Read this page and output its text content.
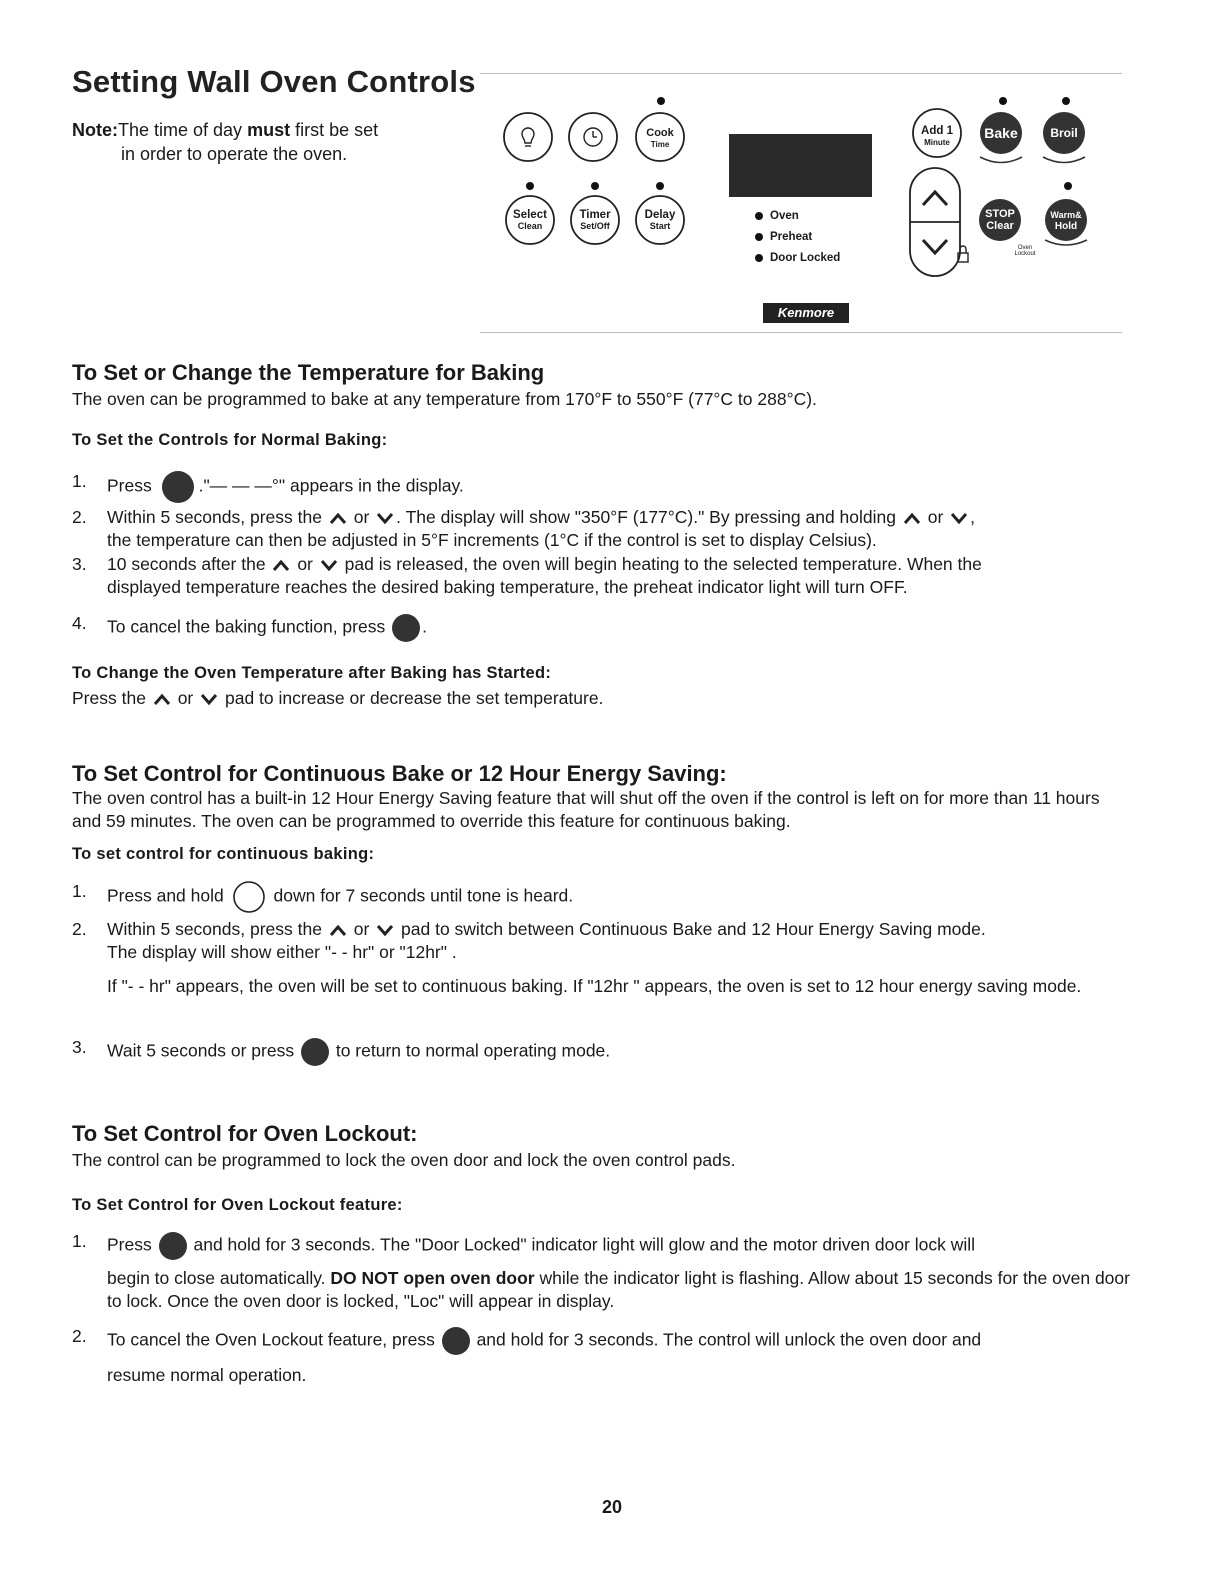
Setting Wall Oven Controls
Note:The time of day must first be set
in order to operate the oven.
Cook
Time
Select
Clean
Timer
Set/Off
Delay
Start
Add 1
Minute
Bake	Broil
STOP
Clear
Warm&
Hold
Oven
Lockout
Oven
Preheat
Door Locked
Kenmore
To Set or Change the Temperature for Baking
The oven can be programmed to bake at any temperature from 170°F to 550°F (77°C to 288°C).
To Set the Controls for Normal Baking:
1.	Press	."— — —°" appears in the display.
2.	Within 5 seconds, press the or . The display will show "350°F (177°C)." By pressing and holding or ,
the temperature can then be adjusted in 5°F increments (1°C if the control is set to display Celsius).
3.	10 seconds after the or pad is released, the oven will begin heating to the selected temperature. When the
displayed temperature reaches the desired baking temperature, the preheat indicator light will turn OFF.
4.	To cancel the baking function, press .
To Change the Oven Temperature after Baking has Started:
Press the or pad to increase or decrease the set temperature.
To Set Control for Continuous Bake or 12 Hour Energy Saving:
The oven control has a built-in 12 Hour Energy Saving feature that will shut off the oven if the control is left on for more than 11 hours and 59 minutes. The oven can be programmed to override this feature for continuous baking.
To set control for continuous baking:
1.	Press and hold	down for 7 seconds until tone is heard.
2.	Within 5 seconds, press the or pad to switch between Continuous Bake and 12 Hour Energy Saving mode.
The display will show either "- - hr" or "12hr" .
If "- - hr" appears, the oven will be set to continuous baking. If "12hr " appears, the oven is set to 12 hour energy saving mode.
3.	Wait 5 seconds or press to return to normal operating mode.
To Set Control for Oven Lockout:
The control can be programmed to lock the oven door and lock the oven control pads.
To Set Control for Oven Lockout feature:
1.	Press and hold for 3 seconds. The "Door Locked" indicator light will glow and the motor driven door lock will
begin to close automatically. DO NOT open oven door while the indicator light is flashing. Allow about 15 seconds for the oven door to lock. Once the oven door is locked, "Loc" will appear in display.
2.	To cancel the Oven Lockout feature, press and hold for 3 seconds. The control will unlock the oven door and
resume normal operation.
20
